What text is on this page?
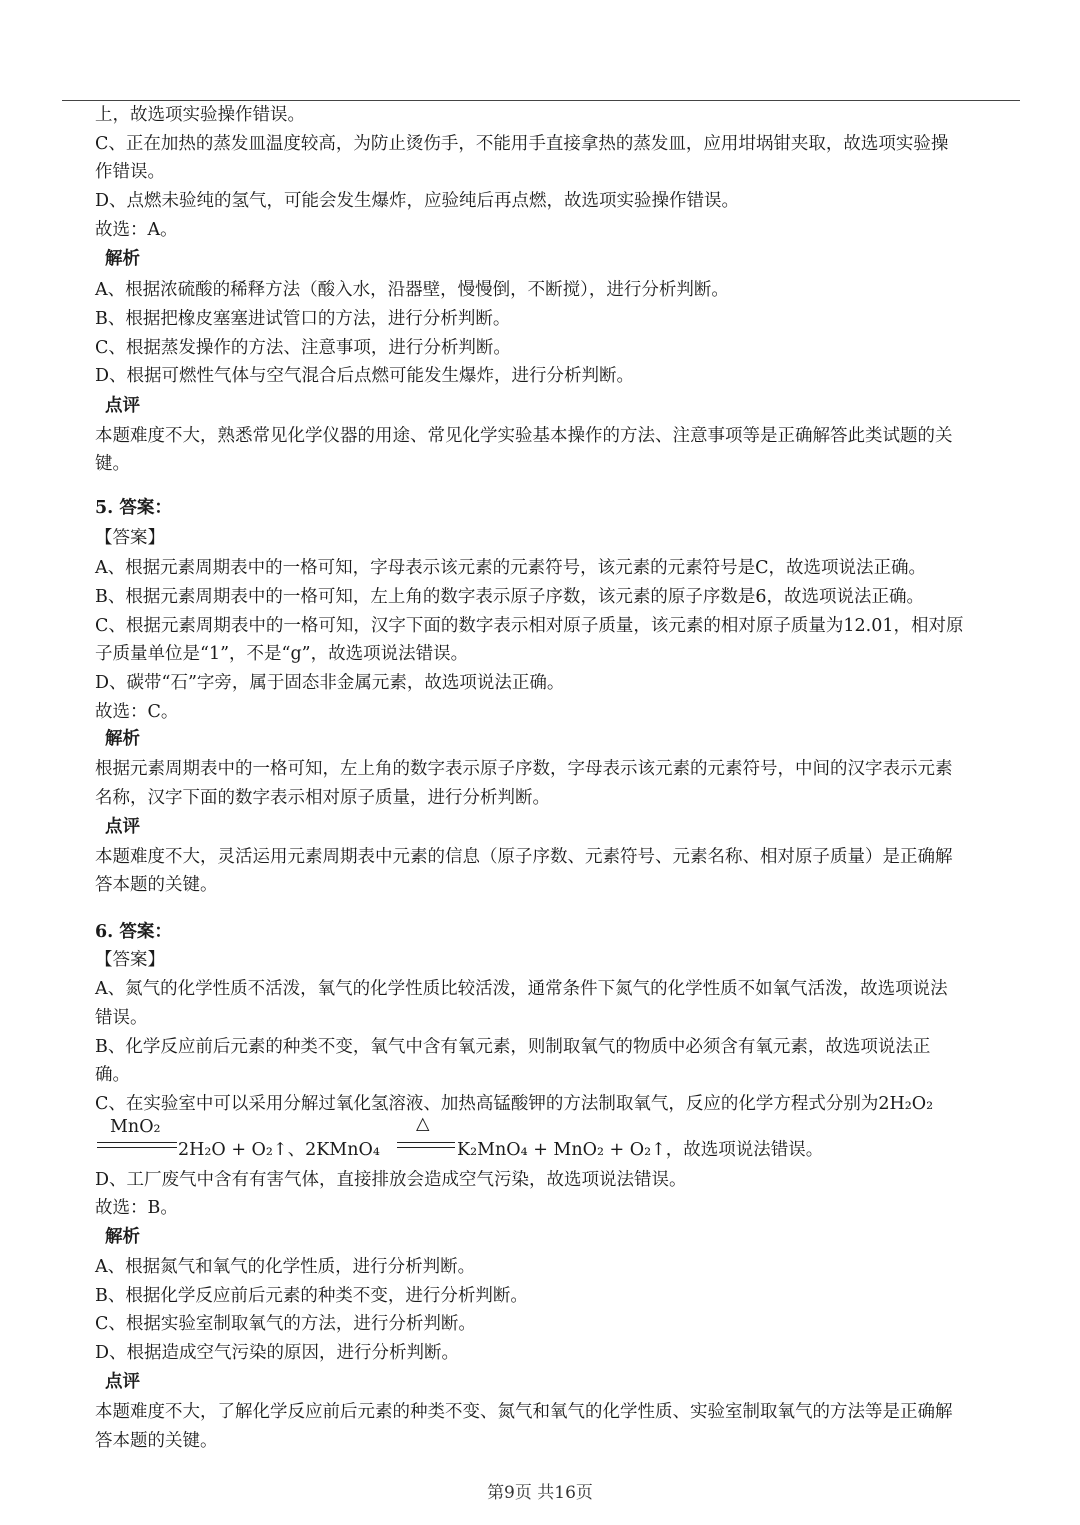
上，故选项实验操作错误。
C、正在加热的蒸发皿温度较高，为防止烫伤手，不能用手直接拿热的蒸发皿，应用坩埚钳夹取，故选项实验操
作错误。
D、点燃未验纯的氢气，可能会发生爆炸，应验纯后再点燃，故选项实验操作错误。
故选：A。
解析
A、根据浓硫酸的稀释方法（酸入水，沿器壁，慢慢倒，不断搅），进行分析判断。
B、根据把橡皮塞塞进试管口的方法，进行分析判断。
C、根据蒸发操作的方法、注意事项，进行分析判断。
D、根据可燃性气体与空气混合后点燃可能发生爆炸，进行分析判断。
点评
本题难度不大，熟悉常见化学仪器的用途、常见化学实验基本操作的方法、注意事项等是正确解答此类试题的关
键。
5. 答案：
【答案】
A、根据元素周期表中的一格可知，字母表示该元素的元素符号，该元素的元素符号是C，故选项说法正确。
B、根据元素周期表中的一格可知，左上角的数字表示原子序数，该元素的原子序数是6，故选项说法正确。
C、根据元素周期表中的一格可知，汉字下面的数字表示相对原子质量，该元素的相对原子质量为12.01，相对原
子质量单位是“1”，不是“g”，故选项说法错误。
D、碳带“石”字旁，属于固态非金属元素，故选项说法正确。
故选：C。
解析
根据元素周期表中的一格可知，左上角的数字表示原子序数，字母表示该元素的元素符号，中间的汉字表示元素
名称，汉字下面的数字表示相对原子质量，进行分析判断。
点评
本题难度不大，灵活运用元素周期表中元素的信息（原子序数、元素符号、元素名称、相对原子质量）是正确解
答本题的关键。
6. 答案：
【答案】
A、氮气的化学性质不活泼，氧气的化学性质比较活泼，通常条件下氮气的化学性质不如氧气活泼，故选项说法
错误。
B、化学反应前后元素的种类不变，氧气中含有氧元素，则制取氧气的物质中必须含有氧元素，故选项说法正
确。
C、在实验室中可以采用分解过氧化氢溶液、加热高锰酸钾的方法制取氧气，反应的化学方程式分别为2H₂O₂
MnO₂	△
2H₂O + O₂↑、2KMnO₄	K₂MnO₄ + MnO₂ + O₂↑，故选项说法错误。
D、工厂废气中含有有害气体，直接排放会造成空气污染，故选项说法错误。
故选：B。
解析
A、根据氮气和氧气的化学性质，进行分析判断。
B、根据化学反应前后元素的种类不变，进行分析判断。
C、根据实验室制取氧气的方法，进行分析判断。
D、根据造成空气污染的原因，进行分析判断。
点评
本题难度不大，了解化学反应前后元素的种类不变、氮气和氧气的化学性质、实验室制取氧气的方法等是正确解
答本题的关键。
第9页 共16页
